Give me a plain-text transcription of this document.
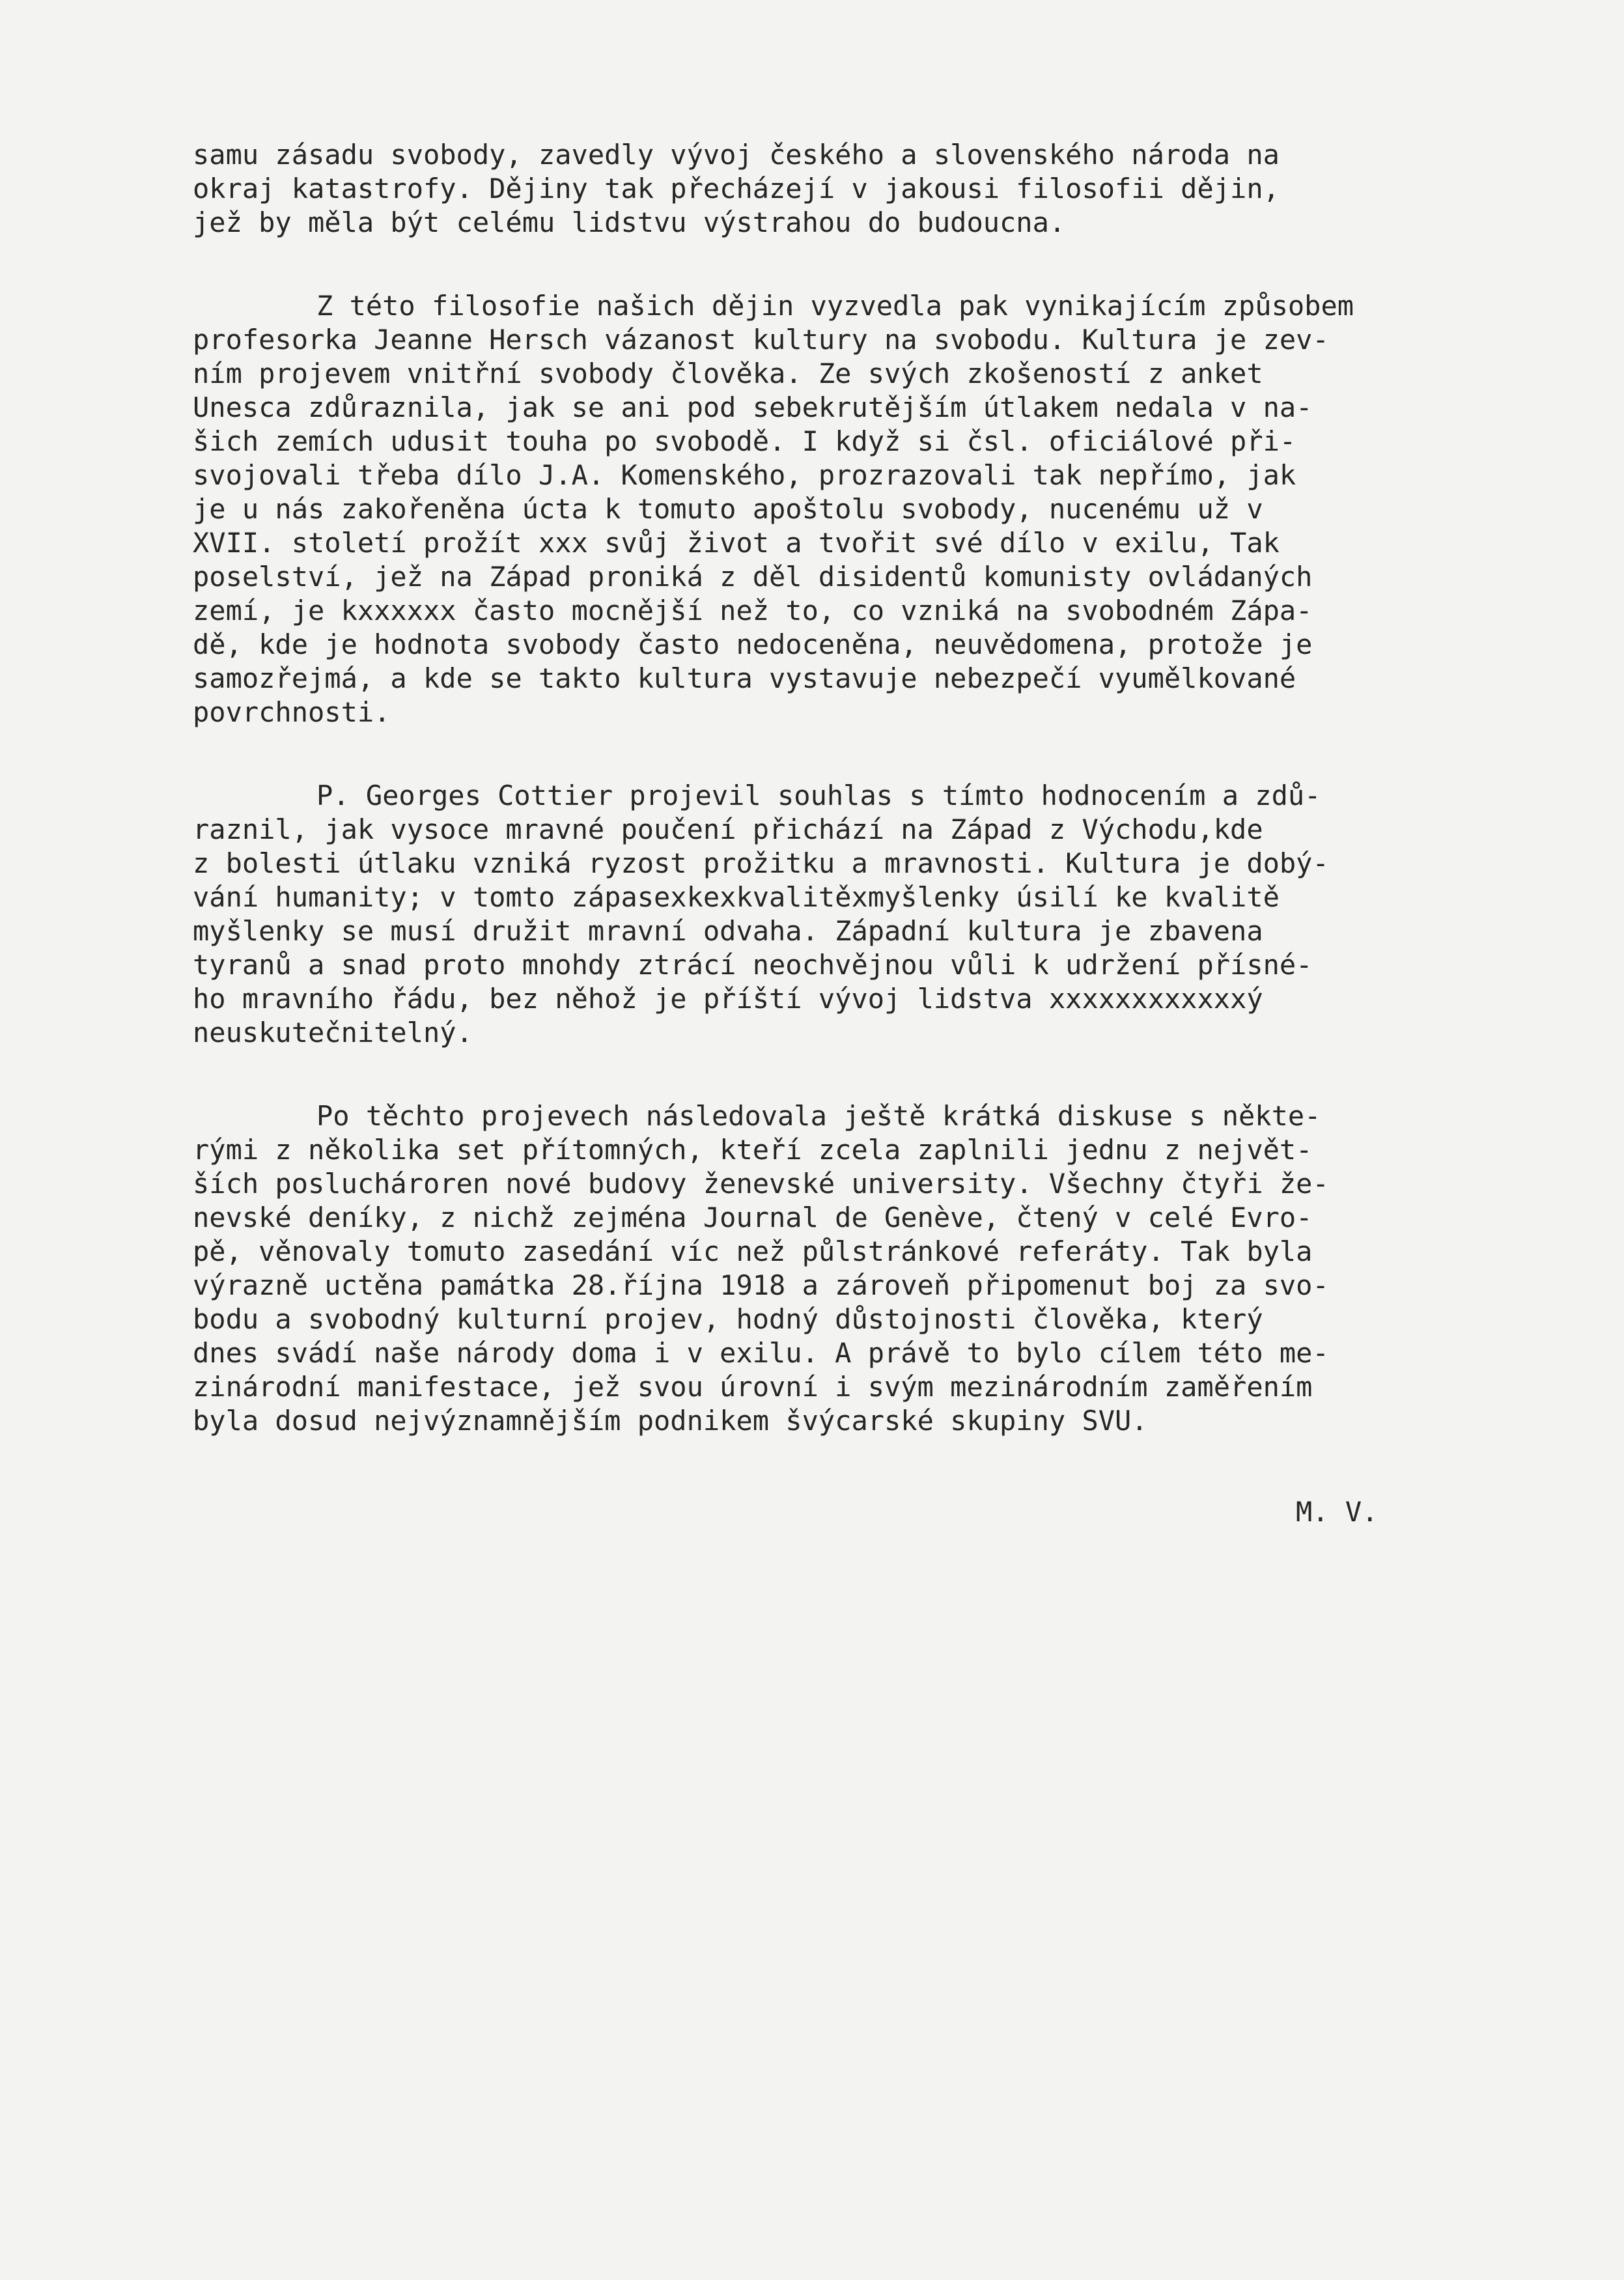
samu zásadu svobody, zavedly vývoj českého a slovenského národa na
okraj katastrofy. Dějiny tak přecházejí v jakousi filosofii dějin,
jež by měla být celému lidstvu výstrahou do budoucna.
Z této filosofie našich dějin vyzvedla pak vynikajícím způsobem
profesorka Jeanne Hersch vázanost kultury na svobodu. Kultura je zev-
ním projevem vnitřní svobody člověka. Ze svých zkošeností z anket
Unesca zdůraznila, jak se ani pod sebekrutějším útlakem nedala v na-
šich zemích udusit touha po svobodě. I když si čsl. oficiálové při-
svojovali třeba dílo J.A. Komenského, prozrazovali tak nepřímo, jak
je u nás zakořeněna úcta k tomuto apoštolu svobody, nucenému už v
XVII. století prožít xxx svůj život a tvořit své dílo v exilu, Tak
poselství, jež na Západ proniká z děl disidentů komunisty ovládaných
zemí, je kxxxxxx často mocnější než to, co vzniká na svobodném Zápa-
dě, kde je hodnota svobody často nedoceněna, neuvědomena, protože je
samozřejmá, a kde se takto kultura vystavuje nebezpečí vyumělkované
povrchnosti.
P. Georges Cottier projevil souhlas s tímto hodnocením a zdů-
raznil, jak vysoce mravné poučení přichází na Západ z Východu,kde
z bolesti útlaku vzniká ryzost prožitku a mravnosti. Kultura je dobý-
vání humanity; v tomto zápasexkexkvalitěxmyšlenky úsilí ke kvalitě
myšlenky se musí družit mravní odvaha. Západní kultura je zbavena
tyranů a snad proto mnohdy ztrácí neochvějnou vůli k udržení přísné-
ho mravního řádu, bez něhož je příští vývoj lidstva xxxxxxxxxxxxý
neuskutečnitelný.
Po těchto projevech následovala ještě krátká diskuse s někte-
rými z několika set přítomných, kteří zcela zaplnili jednu z největ-
ších posluchároren nové budovy ženevské university. Všechny čtyři že-
nevské deníky, z nichž zejména Journal de Genève, čtený v celé Evro-
pě, věnovaly tomuto zasedání víc než půlstránkové referáty. Tak byla
výrazně uctěna památka 28.října 1918 a zároveň připomenut boj za svo-
bodu a svobodný kulturní projev, hodný důstojnosti člověka, který
dnes svádí naše národy doma i v exilu. A právě to bylo cílem této me-
zinárodní manifestace, jež svou úrovní i svým mezinárodním zaměřením
byla dosud nejvýznamnějším podnikem švýcarské skupiny SVU.
M. V.
